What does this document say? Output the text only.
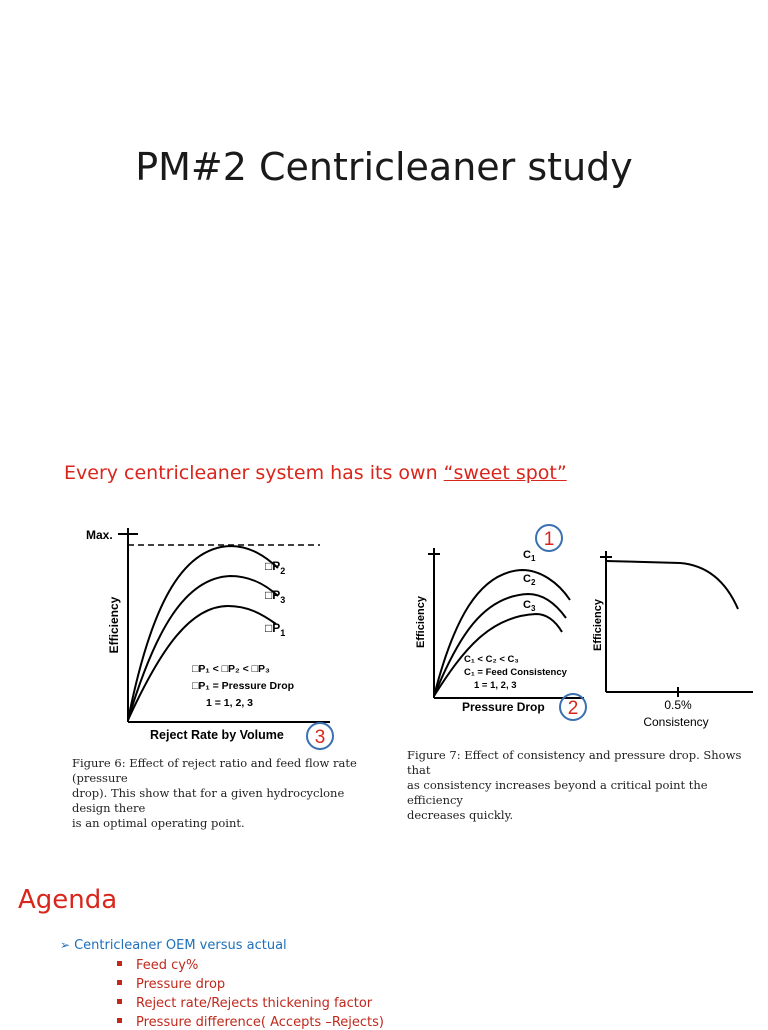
PM#2 Centricleaner study
Every centricleaner system has its own “sweet spot”
Max.
$□P_2$
$□P_3$
$□P_1$
Efficiency
□P₁ < □P₂ < □P₃
□P₁ = Pressure Drop
1 = 1, 2, 3
Reject Rate by Volume 3
Figure 6: Effect of reject ratio and feed flow rate (pressure
drop). This show that for a given hydrocyclone design there
is an optimal operating point.
$C_1$
$C_2$
$C_3$
Efficiency
C₁ < C₂ < C₃
C₁ = Feed Consistency
1 = 1, 2, 3
Pressure Drop
1
2
Efficiency
0.5%
Consistency
Figure 7: Effect of consistency and pressure drop. Shows that
as consistency increases beyond a critical point the efficiency
decreases quickly.
Agenda
➢ Centricleaner OEM versus actual
Feed cy%
Pressure drop
Reject rate/Rejects thickening factor
Pressure difference( Accepts –Rejects)
